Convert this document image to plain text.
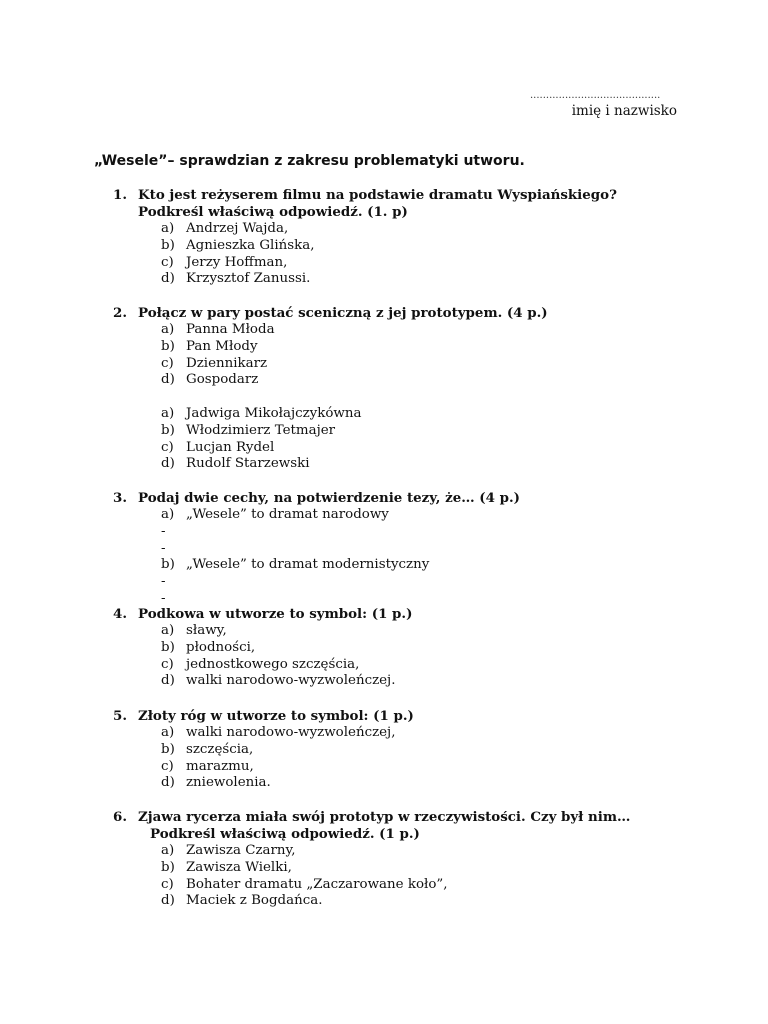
.........................................
imię i nazwisko
„Wesele”– sprawdzian z zakresu problematyki utworu.
1. Kto jest reżyserem filmu na podstawie dramatu Wyspiańskiego?
Podkreśl właściwą odpowiedź. (1. p)
a) Andrzej Wajda,
b) Agnieszka Glińska,
c) Jerzy Hoffman,
d) Krzysztof Zanussi.
2. Połącz w pary postać sceniczną z jej prototypem. (4 p.)
a) Panna Młoda
b) Pan Młody
c) Dziennikarz
d) Gospodarz
a) Jadwiga Mikołajczykówna
b) Włodzimierz Tetmajer
c) Lucjan Rydel
d) Rudolf Starzewski
3. Podaj dwie cechy, na potwierdzenie tezy, że… (4 p.)
a) „Wesele” to dramat narodowy
-
-
b) „Wesele” to dramat modernistyczny
-
-
4. Podkowa w utworze to symbol: (1 p.)
a) sławy,
b) płodności,
c) jednostkowego szczęścia,
d) walki narodowo-wyzwoleńczej.
5. Złoty róg w utworze to symbol: (1 p.)
a) walki narodowo-wyzwoleńczej,
b) szczęścia,
c) marazmu,
d) zniewolenia.
6. Zjawa rycerza miała swój prototyp w rzeczywistości. Czy był nim…
Podkreśl właściwą odpowiedź. (1 p.)
a) Zawisza Czarny,
b) Zawisza Wielki,
c) Bohater dramatu „Zaczarowane koło”,
d) Maciek z Bogdańca.
